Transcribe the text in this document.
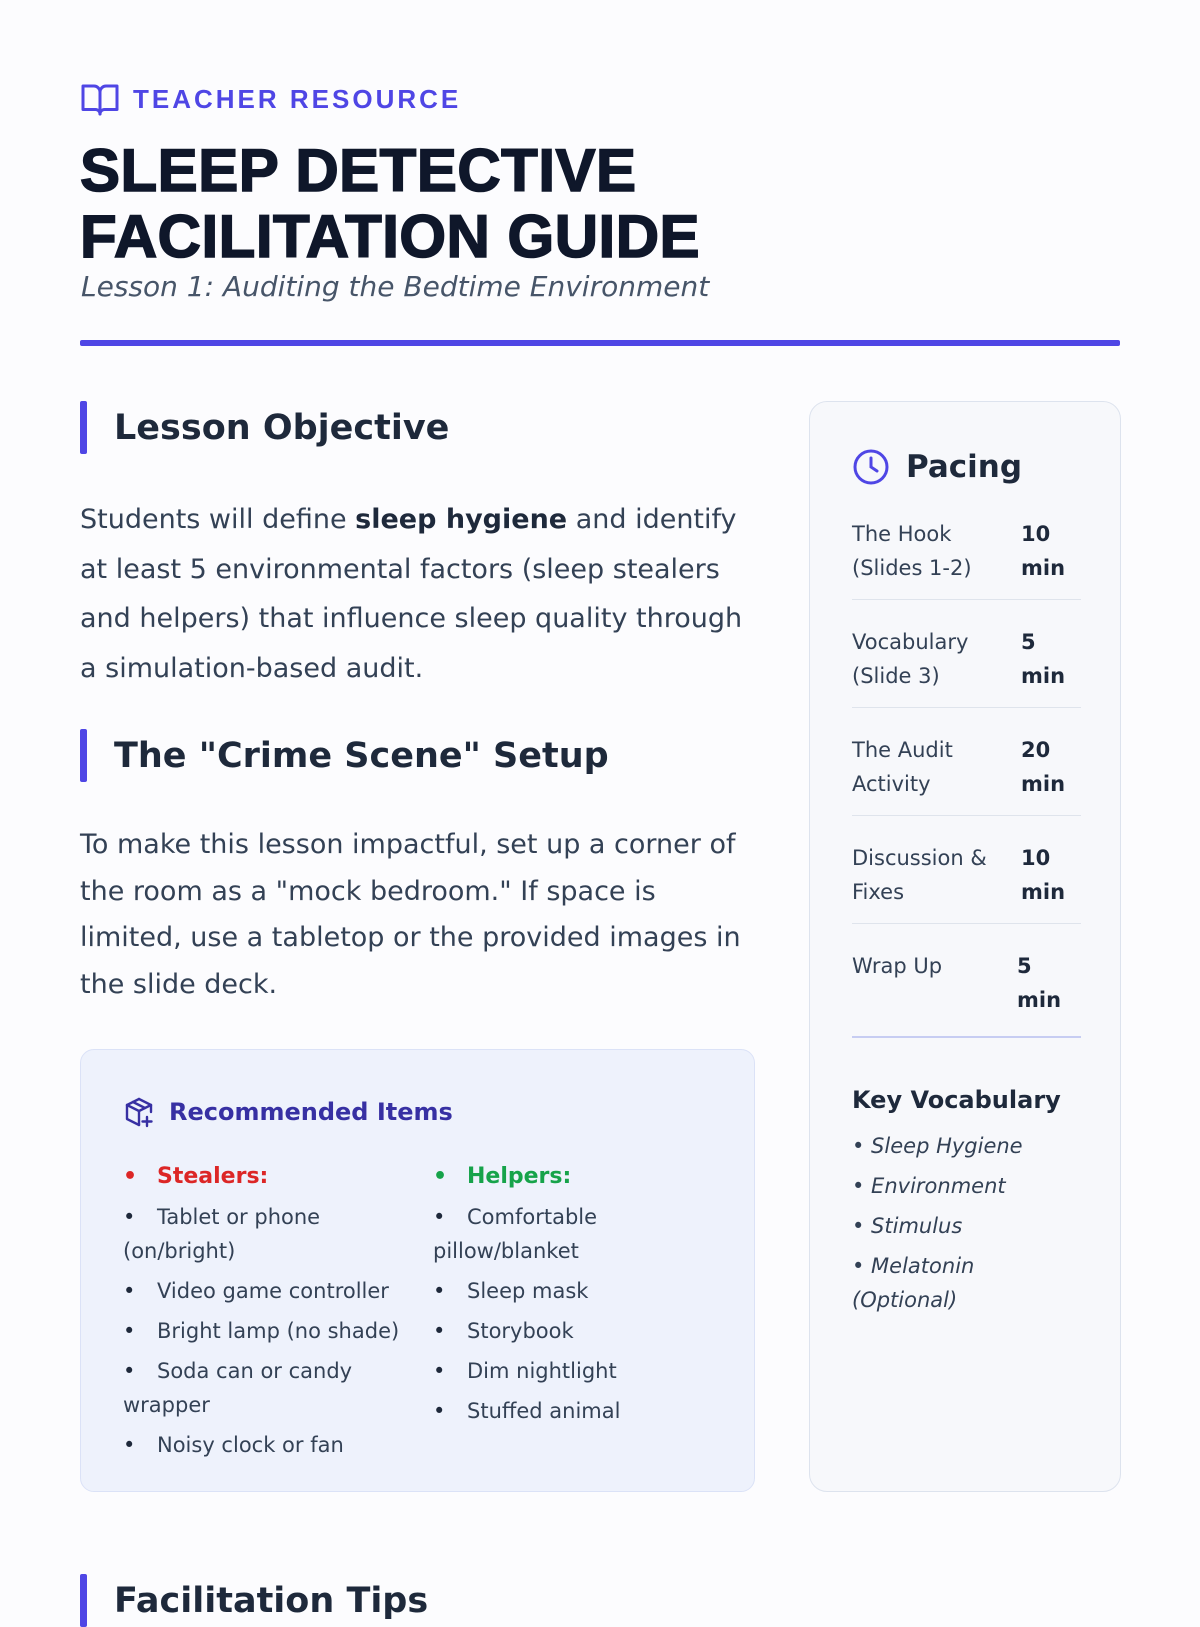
TEACHER RESOURCE
SLEEP DETECTIVE
FACILITATION GUIDE
Lesson 1: Auditing the Bedtime Environment
Lesson Objective

Students will define sleep hygiene and identify at least 5 environmental factors (sleep stealers and helpers) that influence sleep quality through a simulation-based audit.

The "Crime Scene" Setup

To make this lesson impactful, set up a corner of the room as a "mock bedroom." If space is limited, use a tabletop or the provided images in the slide deck.

Recommended Items
• Stealers:
• Tablet or phone (on/bright)
• Video game controller
• Bright lamp (no shade)
• Soda can or candy wrapper
• Noisy clock or fan
• Helpers:
• Comfortable pillow/blanket
• Sleep mask
• Storybook
• Dim nightlight
• Stuffed animal
Pacing
The Hook (Slides 1-2)
10 min
Vocabulary (Slide 3)
5 min
The Audit Activity
20 min
Discussion & Fixes
10 min
Wrap Up	5 min
Key Vocabulary
• Sleep Hygiene
• Environment
• Stimulus
• Melatonin (Optional)
Facilitation Tips
